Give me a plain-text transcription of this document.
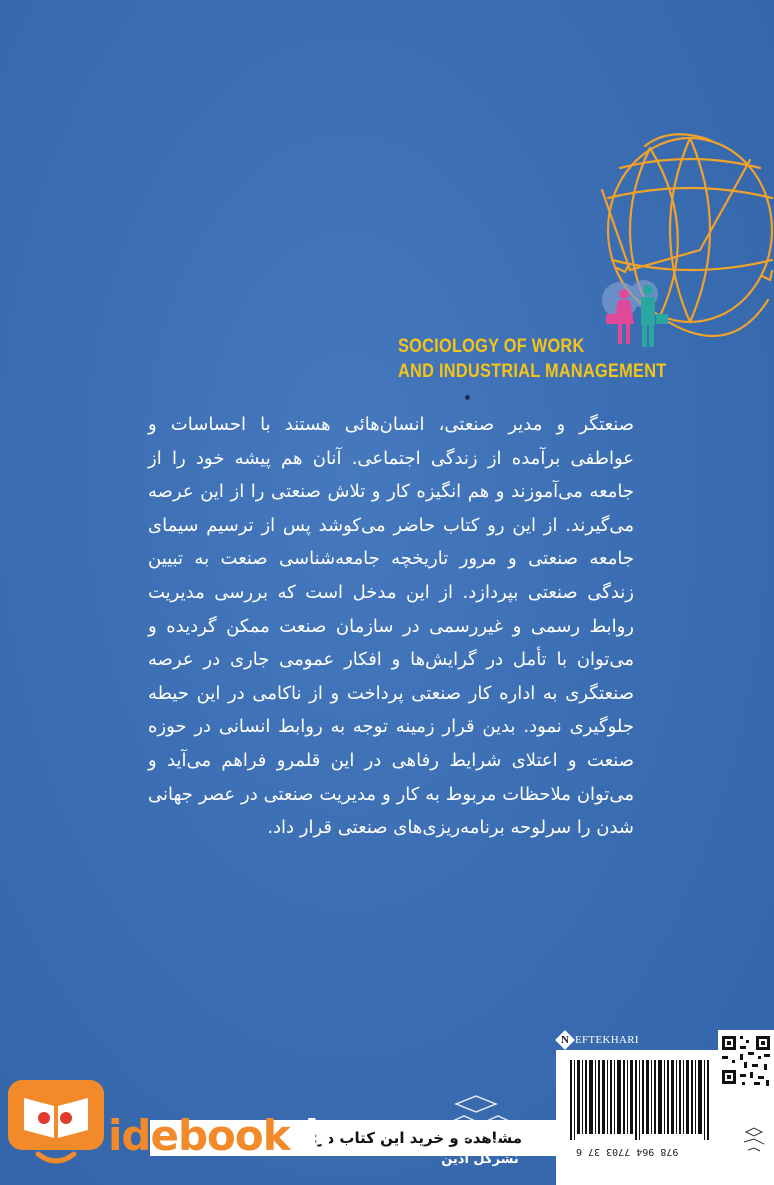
SOCIOLOGY OF WORK
AND INDUSTRIAL MANAGEMENT
صنعتگر و مدیر صنعتی، انسان‌هائی هستند با احساسات و عواطفی برآمده از زندگی اجتماعی. آنان هم پیشه خود را از جامعه می‌آموزند و هم انگیزه کار و تلاش صنعتی را از این عرصه می‌گیرند. از این رو کتاب حاضر می‌کوشد پس از ترسیم سیمای جامعه صنعتی و مرور تاریخچه جامعه‌شناسی صنعت به تبیین زندگی صنعتی بپردازد. از این مدخل است که بررسی مدیریت روابط رسمی و غیررسمی در سازمان صنعت ممکن گردیده و می‌توان با تأمل در گرایش‌ها و افکار عمومی جاری در عرصه صنعتگری به اداره کار صنعتی پرداخت و از ناکامی در این حیطه جلوگیری نمود. بدین قرار زمینه توجه به روابط انسانی در حوزه صنعت و اعتلای شرایط رفاهی در این قلمرو فراهم می‌آید و می‌توان ملاحظات مربوط به کار و مدیریت صنعتی در عصر جهانی شدن را سرلوحه برنامه‌ریزی‌های صنعتی قرار داد.
N EFTEKHARI
978 964 7703 37 6
مشاهده و خرید این کتاب در:
idebook.ir	نشرگل آذین
